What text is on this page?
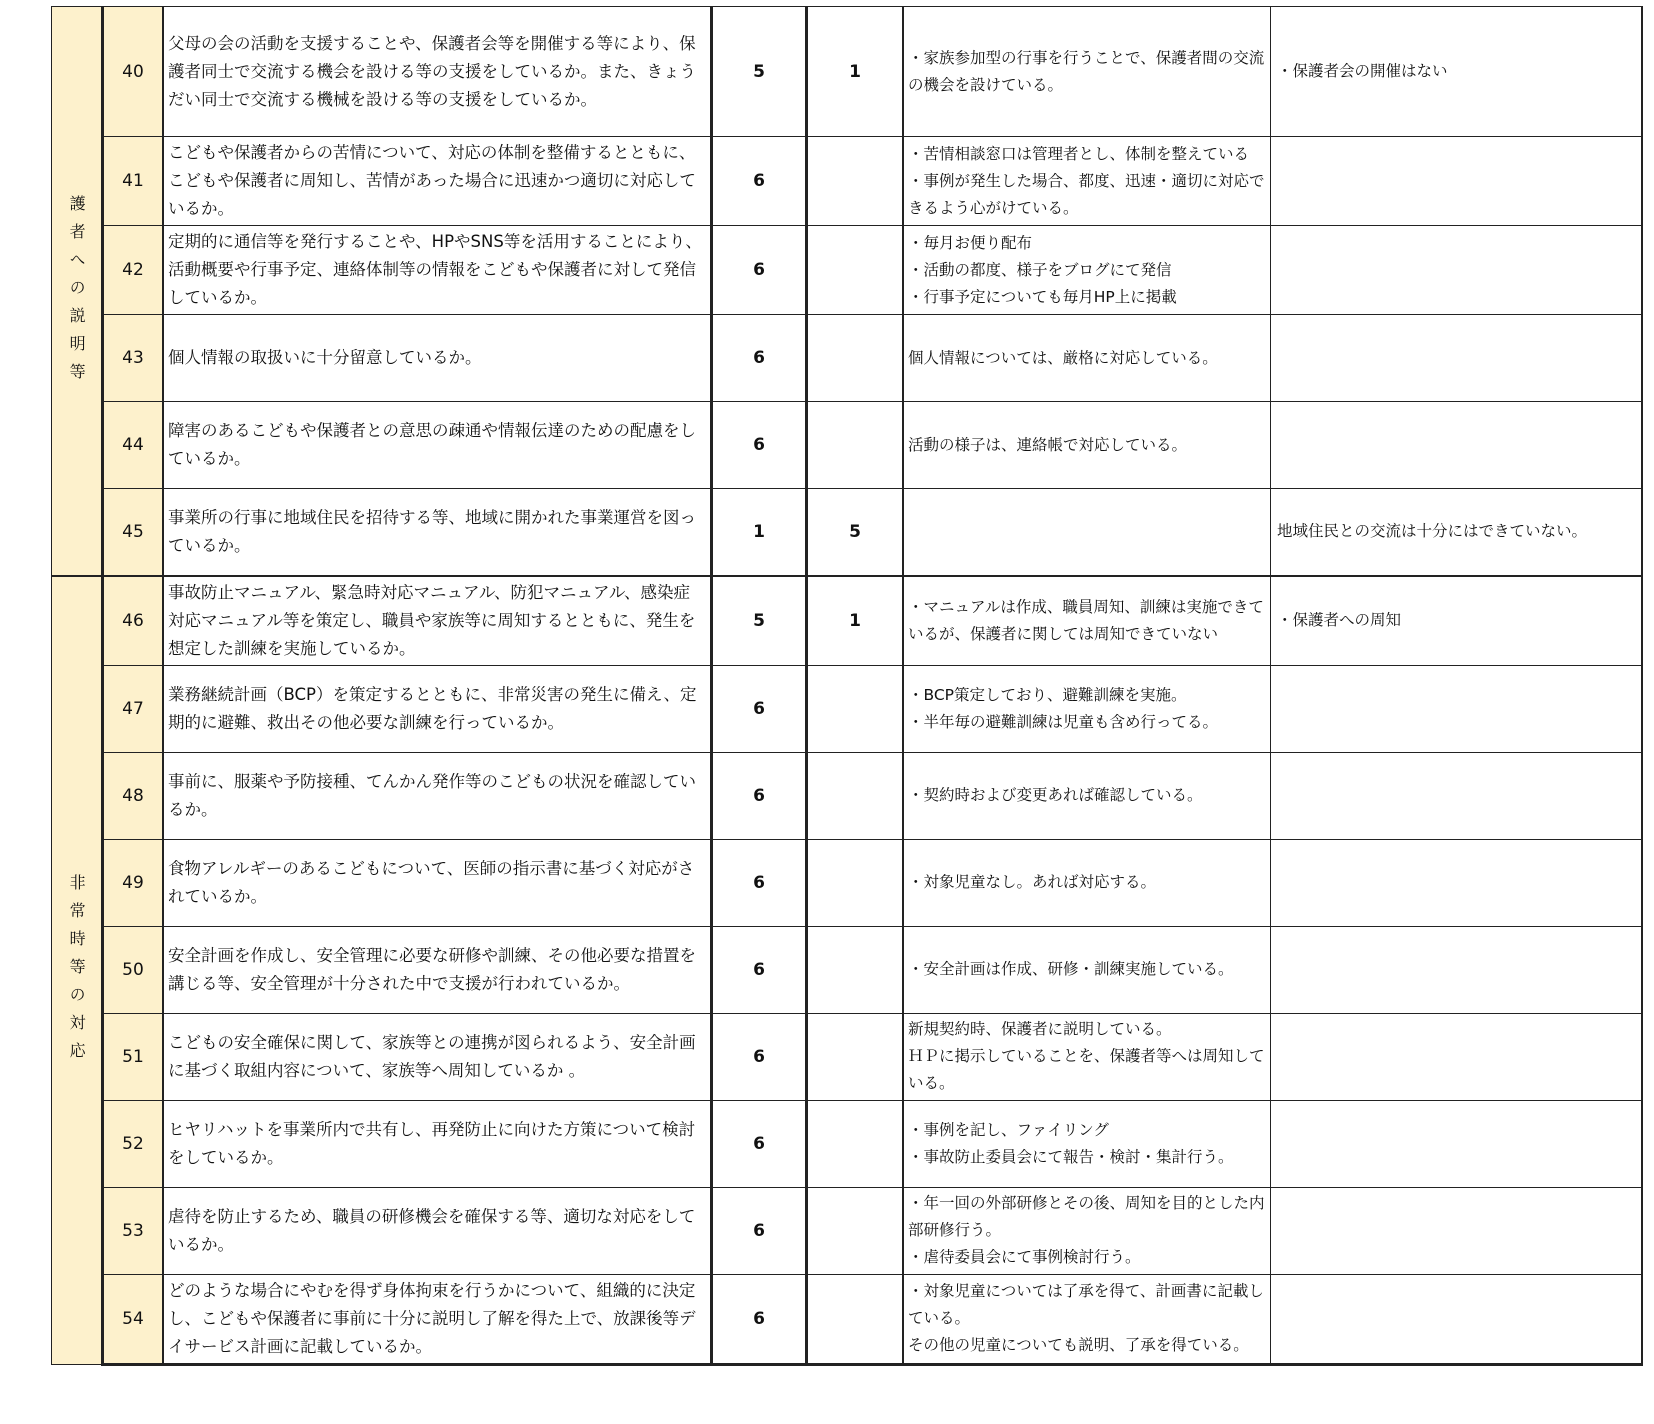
護者への説明等	40	父母の会の活動を支援することや、保護者会等を開催する等により、保護者同士で交流する機会を設ける等の支援をしているか。また、きょうだい同士で交流する機械を設ける等の支援をしているか。	5	1	・家族参加型の行事を行うことで、保護者間の交流の機会を設けている。	・保護者会の開催はない
	41	こどもや保護者からの苦情について、対応の体制を整備するとともに、こどもや保護者に周知し、苦情があった場合に迅速かつ適切に対応しているか。	6		・苦情相談窓口は管理者とし、体制を整えている
・事例が発生した場合、都度、迅速・適切に対応できるよう心がけている。	

	42	定期的に通信等を発行することや、HPやSNS等を活用することにより、活動概要や行事予定、連絡体制等の情報をこどもや保護者に対して発信しているか。	6		・毎月お便り配布
・活動の都度、様子をブログにて発信
・行事予定についても毎月HP上に掲載	

	43	個人情報の取扱いに十分留意しているか。	6		個人情報については、厳格に対応している。	

	44	障害のあるこどもや保護者との意思の疎通や情報伝達のための配慮をしているか。	6		活動の様子は、連絡帳で対応している。	

	45	事業所の行事に地域住民を招待する等、地域に開かれた事業運営を図っているか。	1	5		地域住民との交流は十分にはできていない。

非常時等の対応	46	事故防止マニュアル、緊急時対応マニュアル、防犯マニュアル、感染症対応マニュアル等を策定し、職員や家族等に周知するとともに、発生を想定した訓練を実施しているか。	5	1	・マニュアルは作成、職員周知、訓練は実施できているが、保護者に関しては周知できていない	・保護者への周知
	47	業務継続計画（BCP）を策定するとともに、非常災害の発生に備え、定期的に避難、救出その他必要な訓練を行っているか。	6		・BCP策定しており、避難訓練を実施。
・半年毎の避難訓練は児童も含め行ってる。	

	48	事前に、服薬や予防接種、てんかん発作等のこどもの状況を確認しているか。	6		・契約時および変更あれば確認している。	

	49	食物アレルギーのあるこどもについて、医師の指示書に基づく対応がされているか。	6		・対象児童なし。あれば対応する。	

	50	安全計画を作成し、安全管理に必要な研修や訓練、その他必要な措置を講じる等、安全管理が十分された中で支援が行われているか。	6		・安全計画は作成、研修・訓練実施している。	

	51	こどもの安全確保に関して、家族等との連携が図られるよう、安全計画に基づく取組内容について、家族等へ周知しているか 。	6		新規契約時、保護者に説明している。
ＨＰに掲示していることを、保護者等へは周知している。	

	52	ヒヤリハットを事業所内で共有し、再発防止に向けた方策について検討をしているか。	6		・事例を記し、ファイリング
・事故防止委員会にて報告・検討・集計行う。	

	53	虐待を防止するため、職員の研修機会を確保する等、適切な対応をしているか。	6		・年一回の外部研修とその後、周知を目的とした内部研修行う。
・虐待委員会にて事例検討行う。	

	54	どのような場合にやむを得ず身体拘束を行うかについて、組織的に決定し、こどもや保護者に事前に十分に説明し了解を得た上で、放課後等デイサービス計画に記載しているか。	6		・対象児童については了承を得て、計画書に記載している。
その他の児童についても説明、了承を得ている。	
